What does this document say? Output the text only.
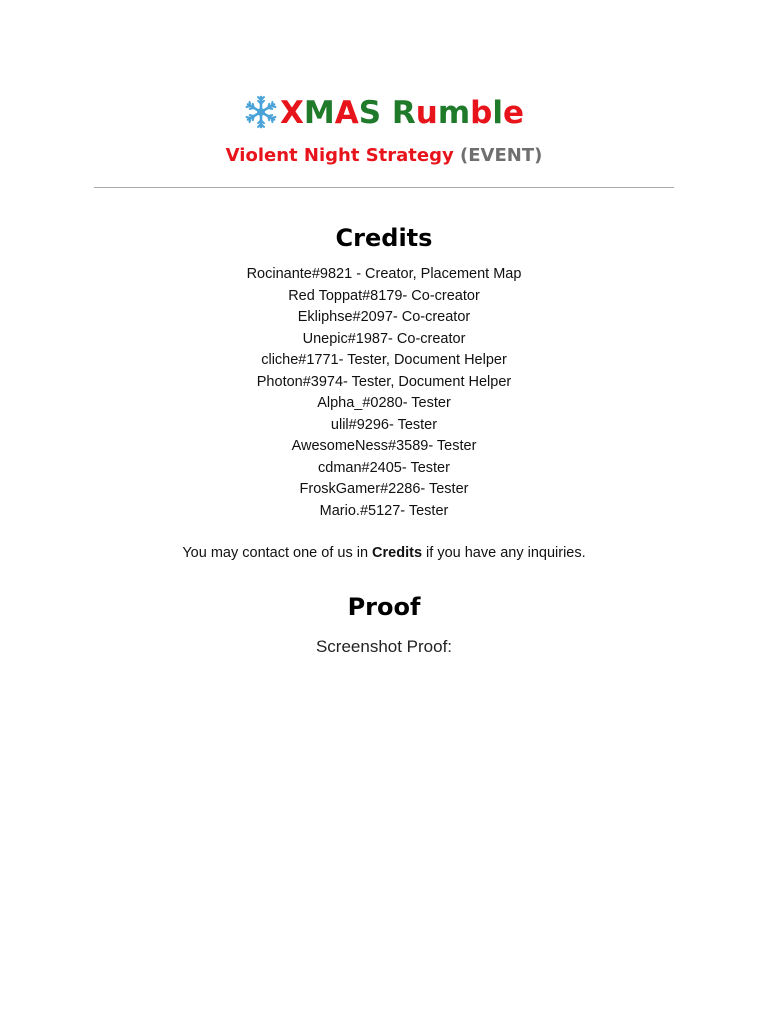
XMAS Rumble
Violent Night Strategy (EVENT)
Credits
Rocinante#9821 - Creator, Placement Map
Red Toppat#8179- Co-creator
Ekliphse#2097- Co-creator
Unepic#1987- Co-creator
cliche#1771- Tester, Document Helper
Photon#3974- Tester, Document Helper
Alpha_#0280- Tester
ulil#9296- Tester
AwesomeNess#3589- Tester
cdman#2405- Tester
FroskGamer#2286- Tester
Mario.#5127- Tester
You may contact one of us in Credits if you have any inquiries.
Proof
Screenshot Proof:
